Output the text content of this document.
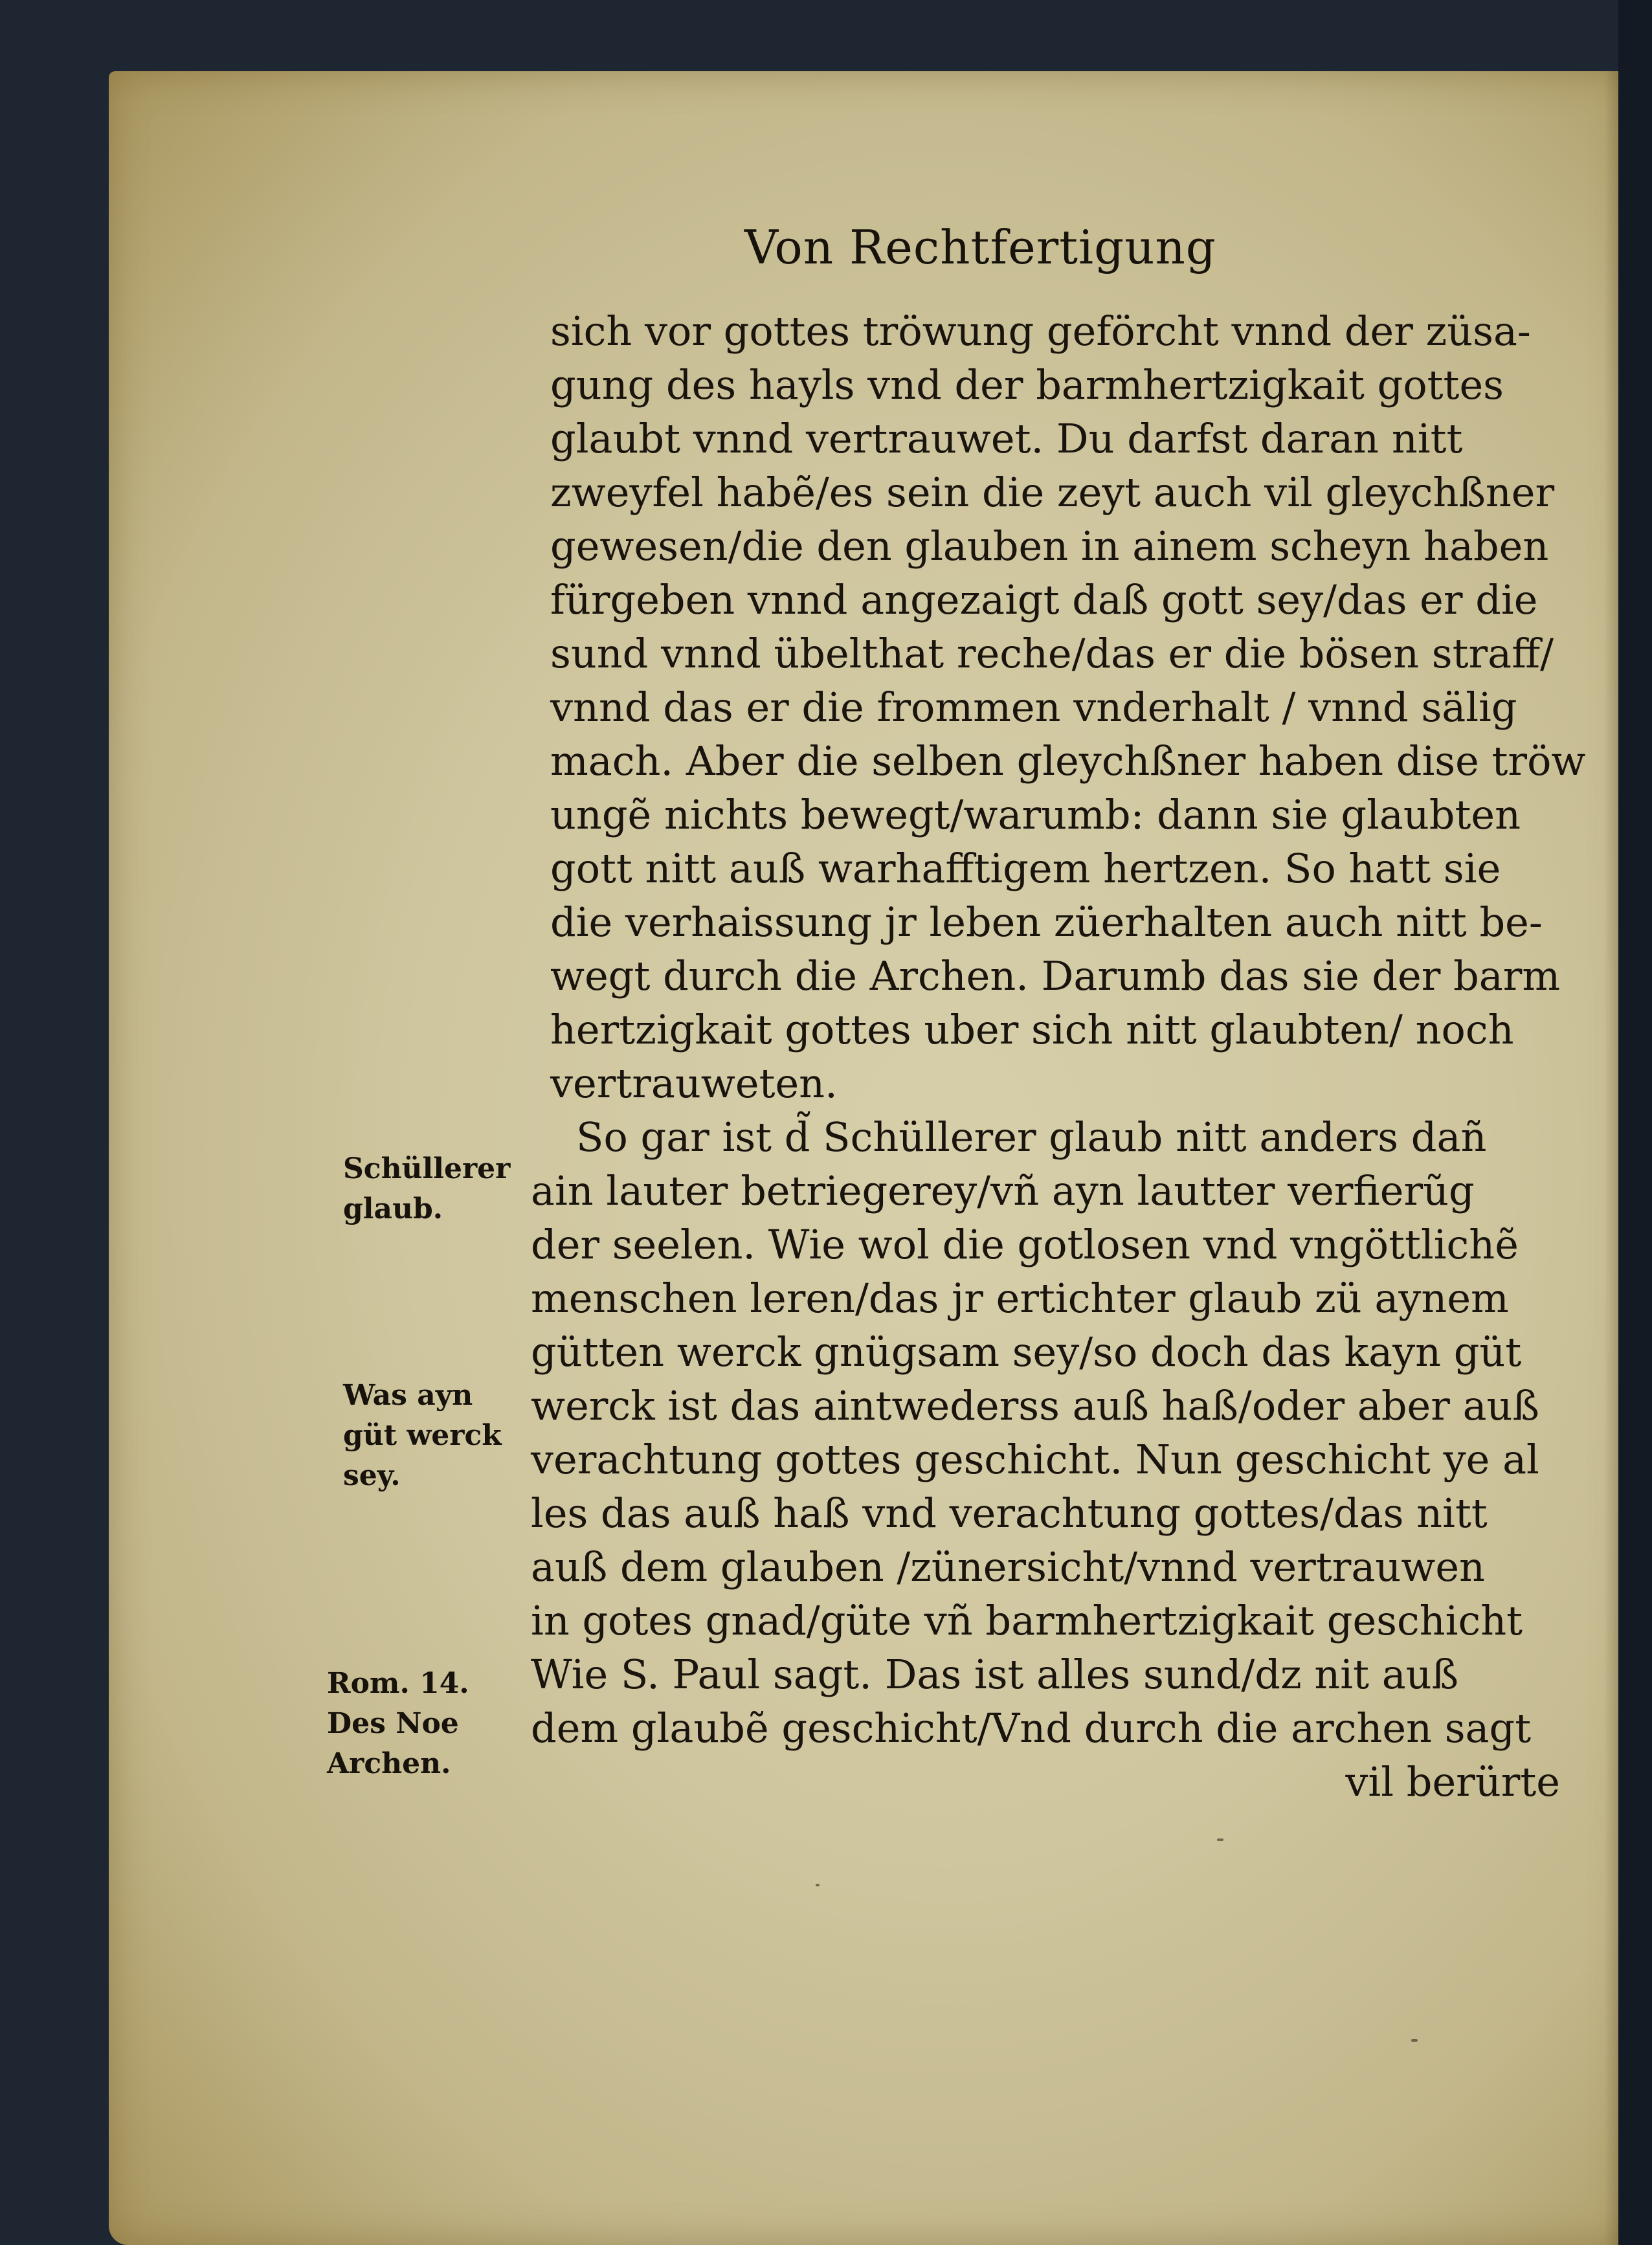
Von Rechtfertigung
sich vor gottes tröwung geförcht vnnd der züsa-
gung des hayls vnd der barmhertzigkait gottes
glaubt vnnd vertrauwet. Du darfst daran nitt
zweyfel habẽ/es sein die zeyt auch vil gleychßner
gewesen/die den glauben in ainem scheyn haben
fürgeben vnnd angezaigt daß gott sey/das er die
sund vnnd übelthat reche/das er die bösen straff/
vnnd das er die frommen vnderhalt / vnnd sälig
mach. Aber die selben gleychßner haben dise tröw
ungẽ nichts bewegt/warumb: dann sie glaubten
gott nitt auß warhafftigem hertzen. So hatt sie
die verhaissung jr leben züerhalten auch nitt be-
wegt durch die Archen. Darumb das sie der barm
hertzigkait gottes uber sich nitt glaubten/ noch
vertrauweten.
So gar ist d̃ Schüllerer glaub nitt anders dañ
ain lauter betriegerey/vñ ayn lautter verfierũg
der seelen. Wie wol die gotlosen vnd vngöttlichẽ
menschen leren/das jr ertichter glaub zü aynem
gütten werck gnügsam sey/so doch das kayn güt
werck ist das aintwederss auß haß/oder aber auß
verachtung gottes geschicht. Nun geschicht ye al
les das auß haß vnd verachtung gottes/das nitt
auß dem glauben /zünersicht/vnnd vertrauwen
in gotes gnad/güte vñ barmhertzigkait geschicht
Wie S. Paul sagt. Das ist alles sund/dz nit auß
dem glaubẽ geschicht/Vnd durch die archen sagt
vil berürte
Schüllerer
glaub.
Was ayn
güt werck
sey.
Rom. 14.
Des Noe
Archen.
